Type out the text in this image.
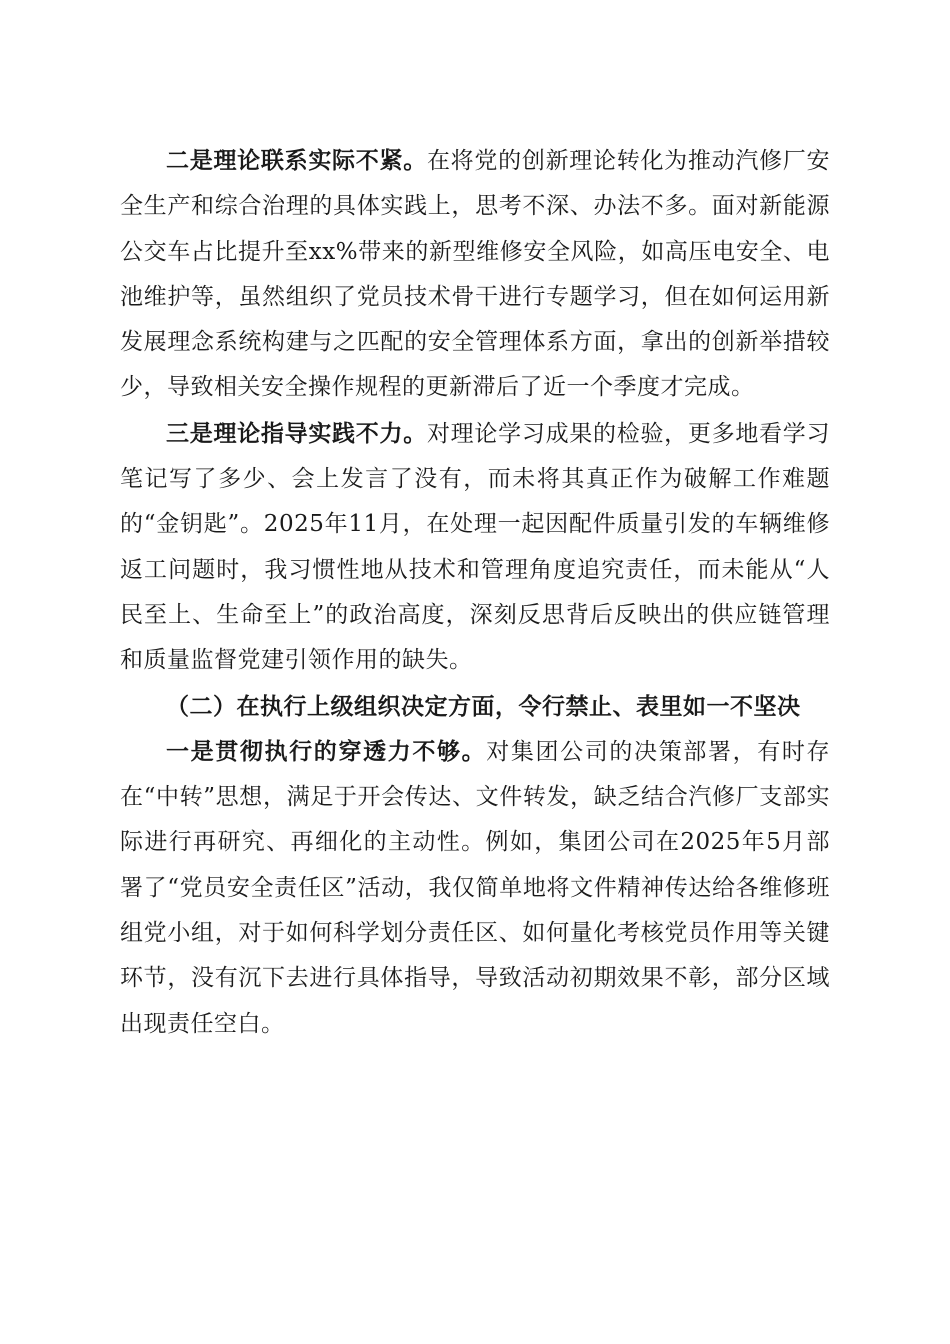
二是理论联系实际不紧。在将党的创新理论转化为推动汽修厂安全生产和综合治理的具体实践上，思考不深、办法不多。面对新能源公交车占比提升至xx%带来的新型维修安全风险，如高压电安全、电池维护等，虽然组织了党员技术骨干进行专题学习，但在如何运用新发展理念系统构建与之匹配的安全管理体系方面，拿出的创新举措较少，导致相关安全操作规程的更新滞后了近一个季度才完成。

三是理论指导实践不力。对理论学习成果的检验，更多地看学习笔记写了多少、会上发言了没有，而未将其真正作为破解工作难题的“金钥匙”。2025年11月，在处理一起因配件质量引发的车辆维修返工问题时，我习惯性地从技术和管理角度追究责任，而未能从“人民至上、生命至上”的政治高度，深刻反思背后反映出的供应链管理和质量监督党建引领作用的缺失。

（二）在执行上级组织决定方面，令行禁止、表里如一不坚决

一是贯彻执行的穿透力不够。对集团公司的决策部署，有时存在“中转”思想，满足于开会传达、文件转发，缺乏结合汽修厂支部实际进行再研究、再细化的主动性。例如，集团公司在2025年5月部署了“党员安全责任区”活动，我仅简单地将文件精神传达给各维修班组党小组，对于如何科学划分责任区、如何量化考核党员作用等关键环节，没有沉下去进行具体指导，导致活动初期效果不彰，部分区域出现责任空白。
